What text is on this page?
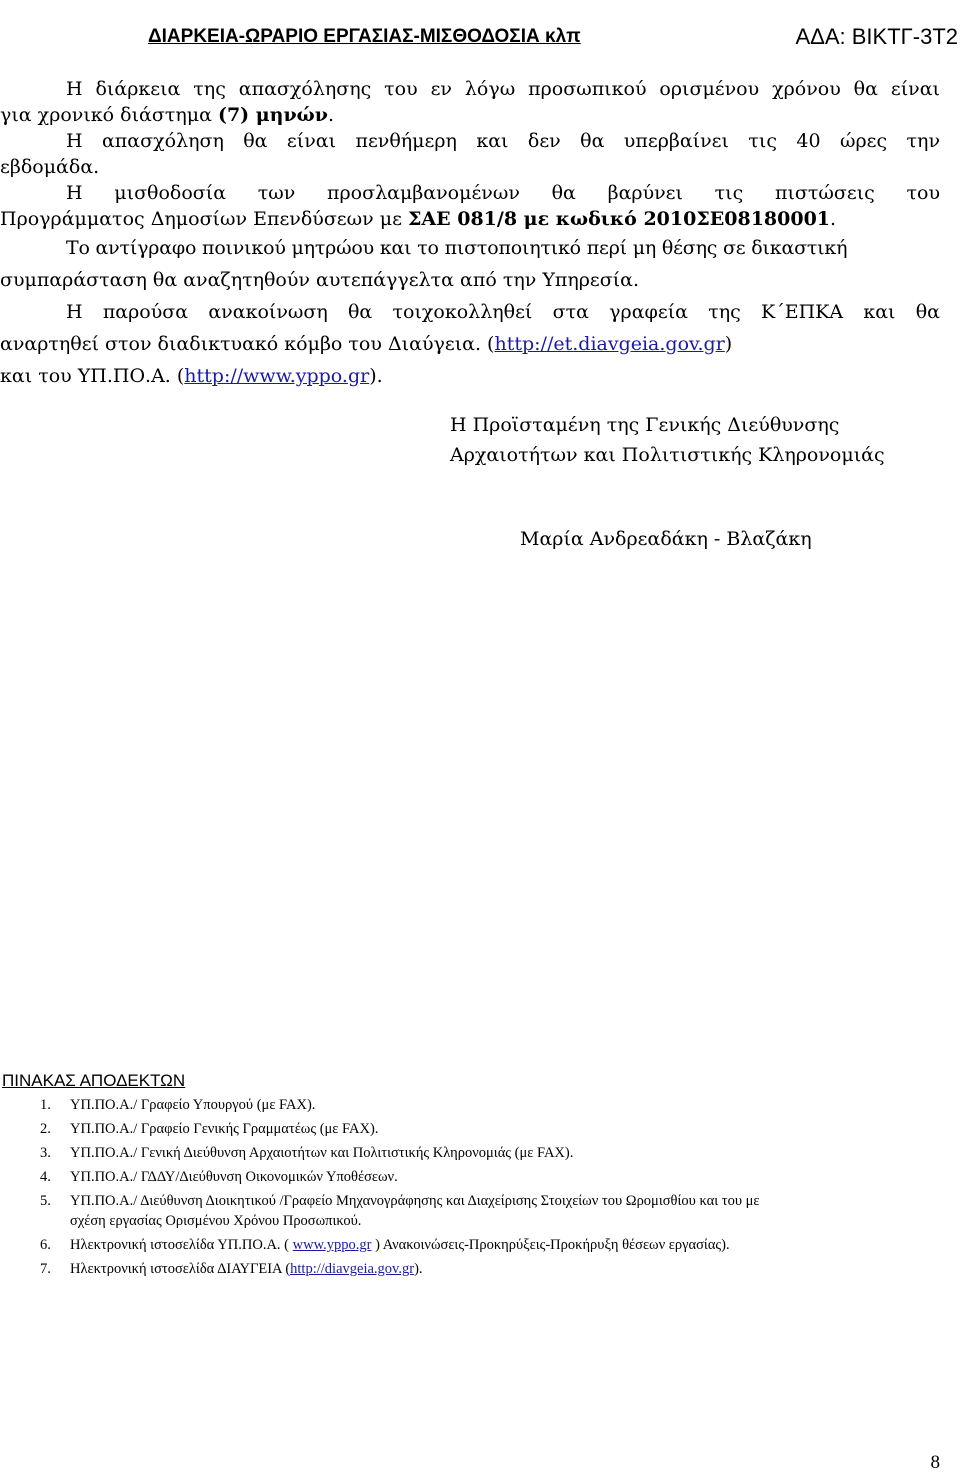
ΔΙΑΡΚΕΙΑ-ΩΡΑΡΙΟ ΕΡΓΑΣΙΑΣ-ΜΙΣΘΟΔΟΣΙΑ κλπ	ΑΔΑ: ΒΙΚΤΓ-3Τ2
Η διάρκεια της απασχόλησης του εν λόγω προσωπικού ορισμένου χρόνου θα είναι
για χρονικό διάστημα (7) μηνών.
Η απασχόληση θα είναι πενθήμερη και δεν θα υπερβαίνει τις 40 ώρες την
εβδομάδα.
Η μισθοδοσία των προσλαμβανομένων θα βαρύνει τις πιστώσεις του
Προγράμματος Δημοσίων Επενδύσεων με ΣΑΕ 081/8 με κωδικό 2010ΣΕ08180001.
Το αντίγραφο ποινικού μητρώου και το πιστοποιητικό περί μη θέσης σε δικαστική
συμπαράσταση θα αναζητηθούν αυτεπάγγελτα από την Υπηρεσία.
Η παρούσα ανακοίνωση θα τοιχοκολληθεί στα γραφεία της Κ΄ΕΠΚΑ και θα
αναρτηθεί στον διαδικτυακό κόμβο του Διαύγεια. (http://et.diavgeia.gov.gr)
και του ΥΠ.ΠΟ.Α. (http://www.yppo.gr).
Η Προϊσταμένη της Γενικής Διεύθυνσης
Αρχαιοτήτων και Πολιτιστικής Κληρονομιάς
Μαρία Ανδρεαδάκη - Βλαζάκη
ΠΙΝΑΚΑΣ ΑΠΟΔΕΚΤΩΝ
1. ΥΠ.ΠΟ.Α./ Γραφείο Υπουργού (με FAX).
2. ΥΠ.ΠΟ.Α./ Γραφείο Γενικής Γραμματέως (με FAX).
3. ΥΠ.ΠΟ.Α./ Γενική Διεύθυνση Αρχαιοτήτων και Πολιτιστικής Κληρονομιάς (με FAX).
4. ΥΠ.ΠΟ.Α./ ΓΔΔΥ/Διεύθυνση Οικονομικών Υποθέσεων.
5. ΥΠ.ΠΟ.Α./ Διεύθυνση Διοικητικού /Γραφείο Μηχανογράφησης και Διαχείρισης Στοιχείων του Ωρομισθίου και του με
σχέση εργασίας Ορισμένου Χρόνου Προσωπικού.
6. Ηλεκτρονική ιστοσελίδα ΥΠ.ΠΟ.Α. ( www.yppo.gr ) Ανακοινώσεις-Προκηρύξεις-Προκήρυξη θέσεων εργασίας).
7. Ηλεκτρονική ιστοσελίδα ΔΙΑΥΓΕΙΑ (http://diavgeia.gov.gr).
8
